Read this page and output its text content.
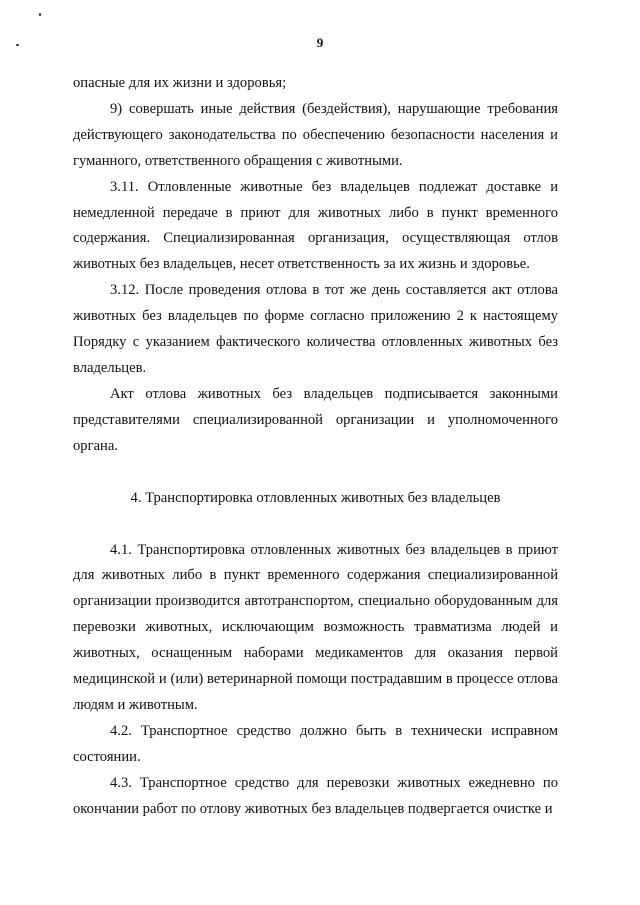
9

опасные для их жизни и здоровья;

9) совершать иные действия (бездействия), нарушающие требования действующего законодательства по обеспечению безопасности населения и гуманного, ответственного обращения с животными.

3.11. Отловленные животные без владельцев подлежат доставке и немедленной передаче в приют для животных либо в пункт временного содержания. Специализированная организация, осуществляющая отлов животных без владельцев, несет ответственность за их жизнь и здоровье.

3.12. После проведения отлова в тот же день составляется акт отлова животных без владельцев по форме согласно приложению 2 к настоящему Порядку с указанием фактического количества отловленных животных без владельцев.

Акт отлова животных без владельцев подписывается законными представителями специализированной организации и уполномоченного органа.

4. Транспортировка отловленных животных без владельцев

4.1. Транспортировка отловленных животных без владельцев в приют для животных либо в пункт временного содержания специализированной организации производится автотранспортом, специально оборудованным для перевозки животных, исключающим возможность травматизма людей и животных, оснащенным наборами медикаментов для оказания первой медицинской и (или) ветеринарной помощи пострадавшим в процессе отлова людям и животным.

4.2. Транспортное средство должно быть в технически исправном состоянии.

4.3. Транспортное средство для перевозки животных ежедневно по окончании работ по отлову животных без владельцев подвергается очистке и
